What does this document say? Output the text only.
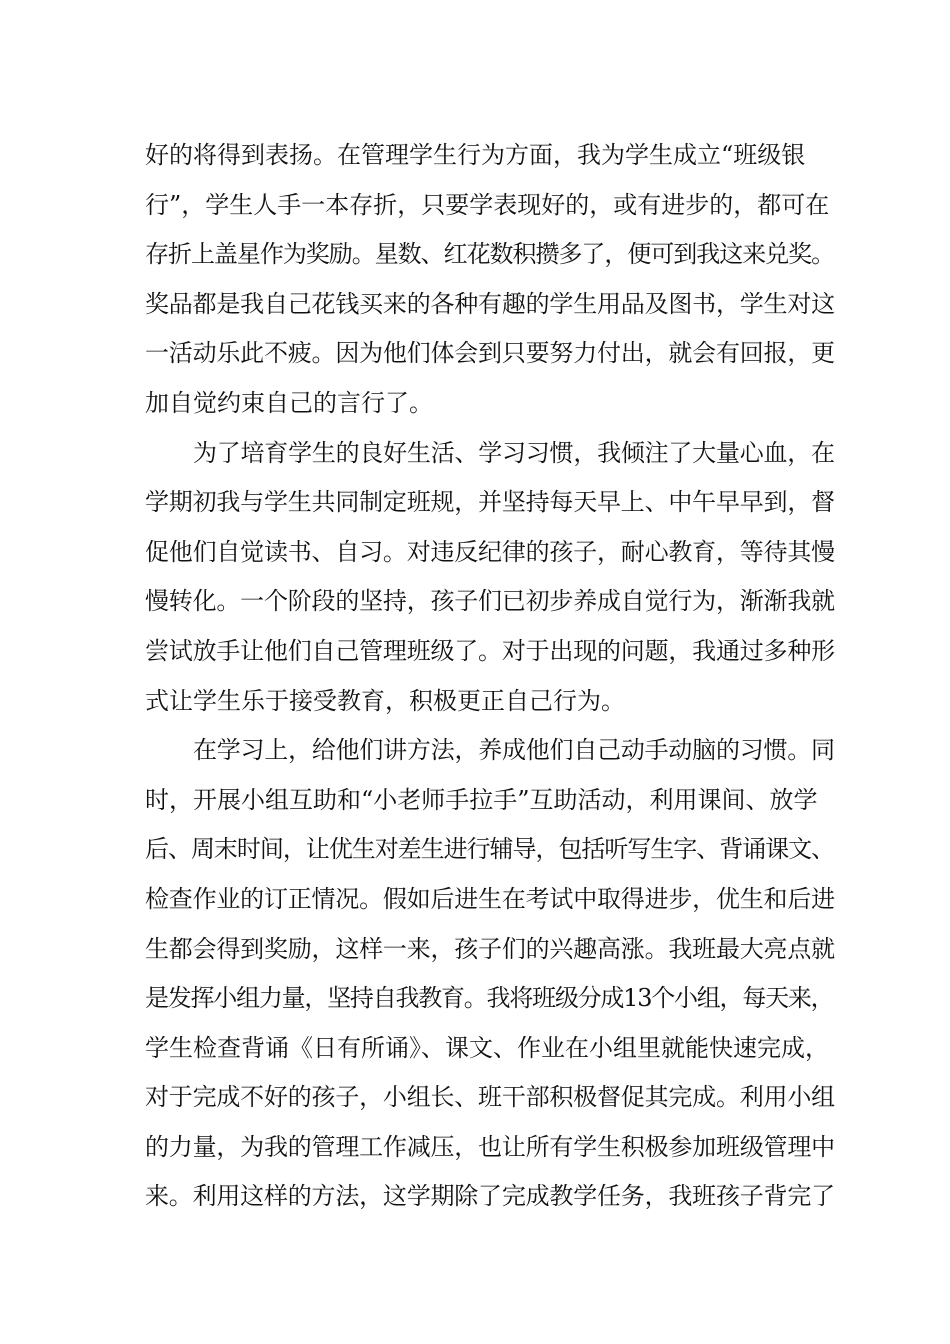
好的将得到表扬。在管理学生行为方面，我为学生成立“班级银
行”，学生人手一本存折，只要学表现好的，或有进步的，都可在
存折上盖星作为奖励。星数、红花数积攒多了，便可到我这来兑奖。
奖品都是我自己花钱买来的各种有趣的学生用品及图书，学生对这
一活动乐此不疲。因为他们体会到只要努力付出，就会有回报，更
加自觉约束自己的言行了。
为了培育学生的良好生活、学习习惯，我倾注了大量心血，在
学期初我与学生共同制定班规，并坚持每天早上、中午早早到，督
促他们自觉读书、自习。对违反纪律的孩子，耐心教育，等待其慢
慢转化。一个阶段的坚持，孩子们已初步养成自觉行为，渐渐我就
尝试放手让他们自己管理班级了。对于出现的问题，我通过多种形
式让学生乐于接受教育，积极更正自己行为。
在学习上，给他们讲方法，养成他们自己动手动脑的习惯。同
时，开展小组互助和“小老师手拉手”互助活动，利用课间、放学
后、周末时间，让优生对差生进行辅导，包括听写生字、背诵课文、
检查作业的订正情况。假如后进生在考试中取得进步，优生和后进
生都会得到奖励，这样一来，孩子们的兴趣高涨。我班最大亮点就
是发挥小组力量，坚持自我教育。我将班级分成13个小组，每天来，
学生检查背诵《日有所诵》、课文、作业在小组里就能快速完成，
对于完成不好的孩子，小组长、班干部积极督促其完成。利用小组
的力量，为我的管理工作减压，也让所有学生积极参加班级管理中
来。利用这样的方法，这学期除了完成教学任务，我班孩子背完了
